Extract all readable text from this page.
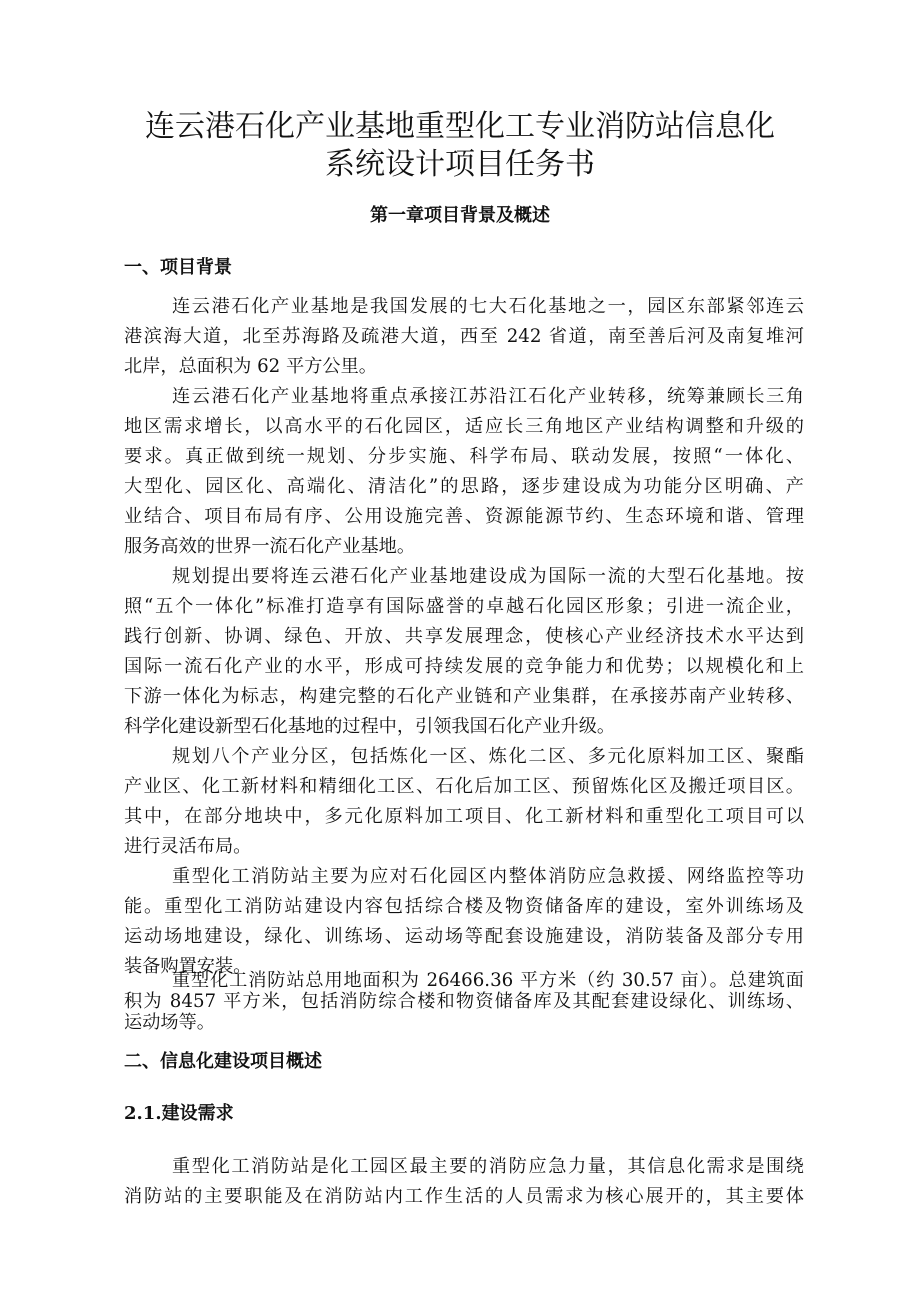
连云港石化产业基地重型化工专业消防站信息化
系统设计项目任务书
第一章项目背景及概述
一、项目背景

连云港石化产业基地是我国发展的七大石化基地之一，园区东部紧邻连云

港滨海大道，北至苏海路及疏港大道，西至 242 省道，南至善后河及南复堆河

北岸，总面积为 62 平方公里。

连云港石化产业基地将重点承接江苏沿江石化产业转移，统筹兼顾长三角

地区需求增长，以高水平的石化园区，适应长三角地区产业结构调整和升级的

要求。真正做到统一规划、分步实施、科学布局、联动发展，按照“一体化、

大型化、园区化、高端化、清洁化”的思路，逐步建设成为功能分区明确、产

业结合、项目布局有序、公用设施完善、资源能源节约、生态环境和谐、管理

服务高效的世界一流石化产业基地。

规划提出要将连云港石化产业基地建设成为国际一流的大型石化基地。按

照“五个一体化”标准打造享有国际盛誉的卓越石化园区形象；引进一流企业，

践行创新、协调、绿色、开放、共享发展理念，使核心产业经济技术水平达到

国际一流石化产业的水平，形成可持续发展的竞争能力和优势；以规模化和上

下游一体化为标志，构建完整的石化产业链和产业集群，在承接苏南产业转移、

科学化建设新型石化基地的过程中，引领我国石化产业升级。

规划八个产业分区，包括炼化一区、炼化二区、多元化原料加工区、聚酯

产业区、化工新材料和精细化工区、石化后加工区、预留炼化区及搬迁项目区。

其中，在部分地块中，多元化原料加工项目、化工新材料和重型化工项目可以

进行灵活布局。

重型化工消防站主要为应对石化园区内整体消防应急救援、网络监控等功

能。重型化工消防站建设内容包括综合楼及物资储备库的建设，室外训练场及

运动场地建设，绿化、训练场、运动场等配套设施建设，消防装备及部分专用

装备购置安装。

重型化工消防站总用地面积为 26466.36 平方米（约 30.57 亩）。总建筑面

积为 8457 平方米，包括消防综合楼和物资储备库及其配套建设绿化、训练场、

二、信息化建设项目概述
2.1.建设需求

重型化工消防站是化工园区最主要的消防应急力量，其信息化需求是围绕

消防站的主要职能及在消防站内工作生活的人员需求为核心展开的，其主要体

运动场等。
